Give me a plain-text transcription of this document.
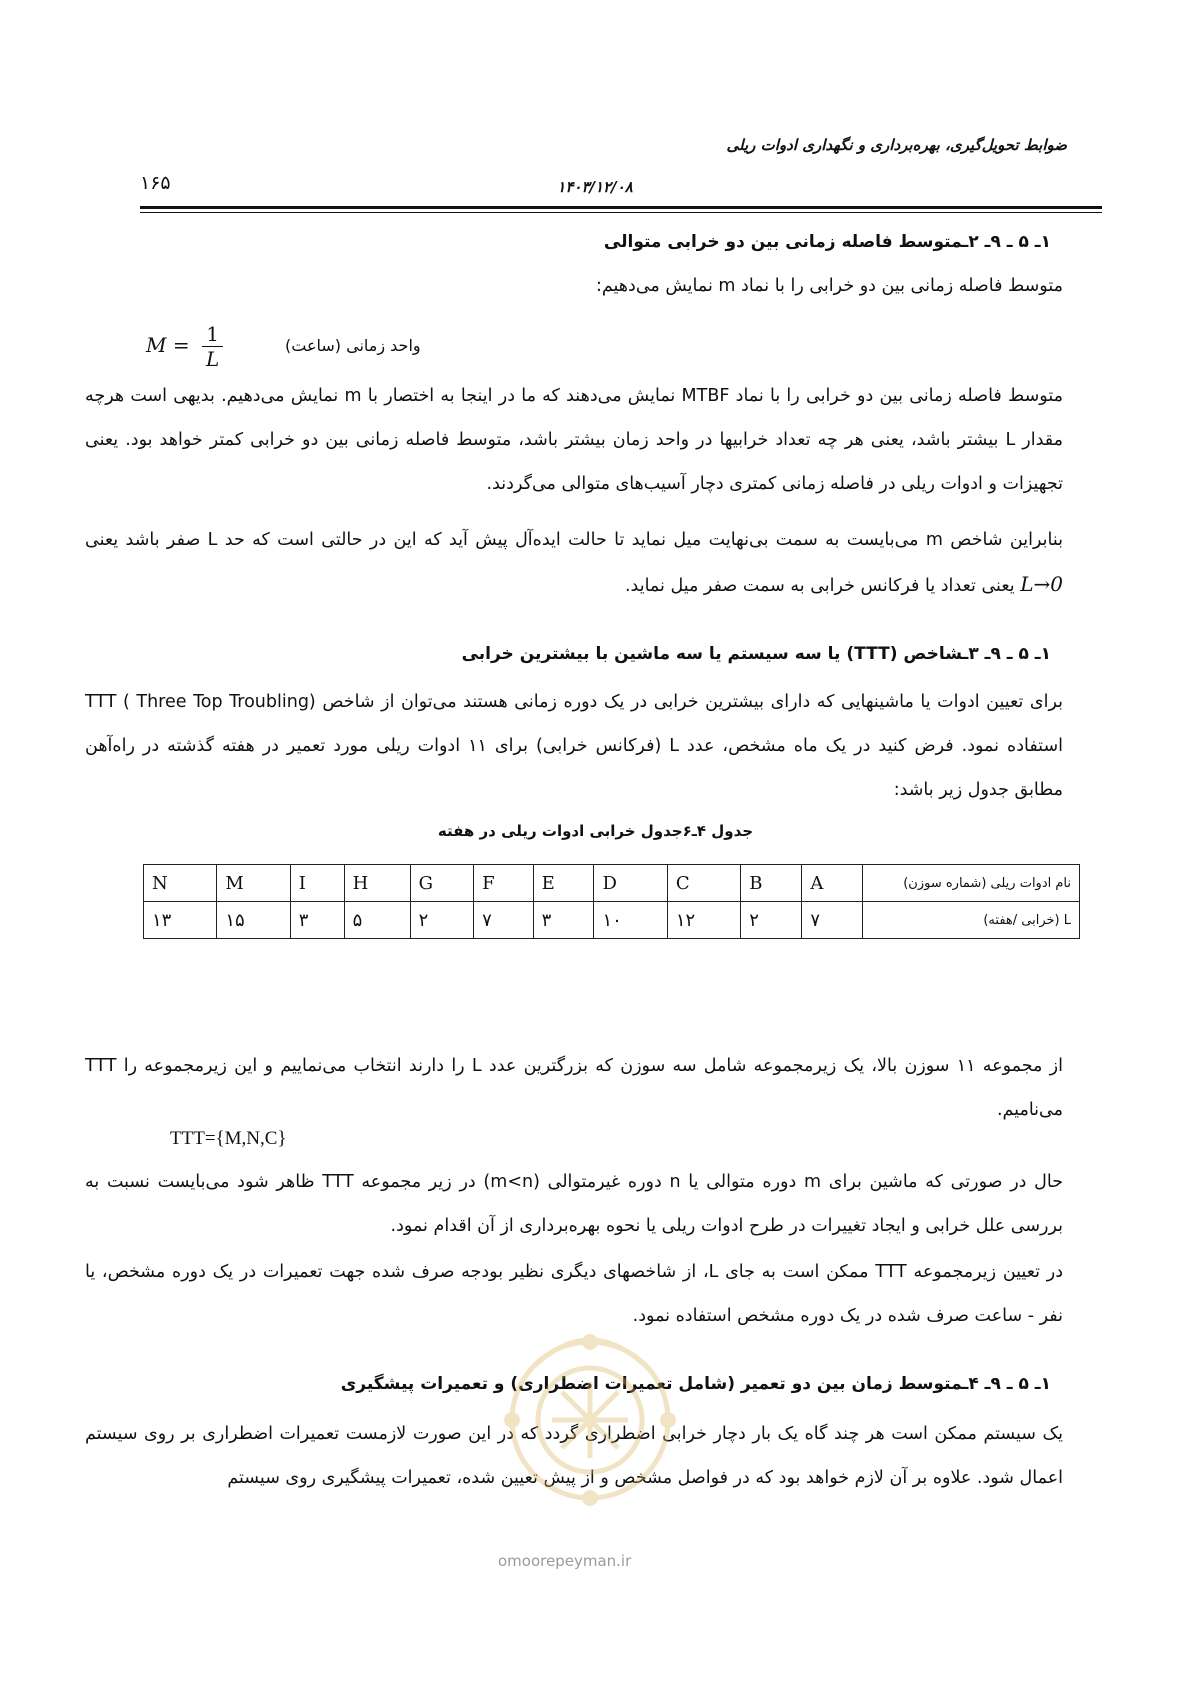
ضوابط تحویل‌گیری، بهره‌برداری و نگهداری ادوات ریلی
۱۶۵	۱۴۰۳/۱۲/۰۸
۱ـ ۵ ـ ۹ـ ۲ـمتوسط فاصله زمانی بین دو خرابی متوالی
متوسط فاصله زمانی بین دو خرابی را با نماد m نمایش می‌دهیم:
$M = \frac{1}{L}$	واحد زمانی (ساعت)
متوسط فاصله زمانی بین دو خرابی را با نماد MTBF نمایش می‌دهند که ما در اینجا به اختصار با m نمایش می‌دهیم. بدیهی است هرچه مقدار L بیشتر باشد، یعنی هر چه تعداد خرابیها در واحد زمان بیشتر باشد، متوسط فاصله زمانی بین دو خرابی کمتر خواهد بود. یعنی تجهیزات و ادوات ریلی در فاصله زمانی کمتری دچار آسیب‌های متوالی می‌گردند.
بنابراین شاخص m می‌بایست به سمت بی‌نهایت میل نماید تا حالت ایده‌آل پیش آید که این در حالتی است که حد L صفر باشد یعنی L→0 یعنی تعداد یا فرکانس خرابی به سمت صفر میل نماید.
۱ـ ۵ ـ ۹ـ ۳ـشاخص (TTT) یا سه سیستم یا سه ماشین با بیشترین خرابی
برای تعیین ادوات یا ماشینهایی که دارای بیشترین خرابی در یک دوره زمانی هستند می‌توان از شاخص TTT ( Three Top Troubling) استفاده نمود. فرض کنید در یک ماه مشخص، عدد L (فرکانس خرابی) برای ۱۱ ادوات ریلی مورد تعمیر در هفته گذشته در راه‌آهن مطابق جدول زیر باشد:
جدول ۴ـ۶جدول خرابی ادوات ریلی در هفته
N	M	I	H	G	F	E	D	C	B	A	نام ادوات ریلی (شماره سوزن)
۱۳	۱۵	۳	۵	۲	۷	۳	۱۰	۱۲	۲	۷	L (خرابی /هفته)
از مجموعه ۱۱ سوزن بالا، یک زیرمجموعه شامل سه سوزن که بزرگترین عدد L را دارند انتخاب می‌نماییم و این زیرمجموعه را TTT می‌نامیم.
TTT={M,N,C}
حال در صورتی که ماشین برای m دوره متوالی یا n دوره غیرمتوالی (m<n) در زیر مجموعه TTT ظاهر شود می‌بایست نسبت به بررسی علل خرابی و ایجاد تغییرات در طرح ادوات ریلی یا نحوه بهره‌برداری از آن اقدام نمود.
در تعیین زیرمجموعه TTT ممکن است به جای L، از شاخصهای دیگری نظیر بودجه صرف شده جهت تعمیرات در یک دوره مشخص، یا نفر - ساعت صرف شده در یک دوره مشخص استفاده نمود.
۱ـ ۵ ـ ۹ـ ۴ـمتوسط زمان بین دو تعمیر (شامل تعمیرات اضطراری) و تعمیرات پیشگیری
یک سیستم ممکن است هر چند گاه یک بار دچار خرابی اضطراری گردد که در این صورت لازمست تعمیرات اضطراری بر روی سیستم اعمال شود. علاوه بر آن لازم خواهد بود که در فواصل مشخص و از پیش تعیین شده، تعمیرات پیشگیری روی سیستم
omoorepeyman.ir
